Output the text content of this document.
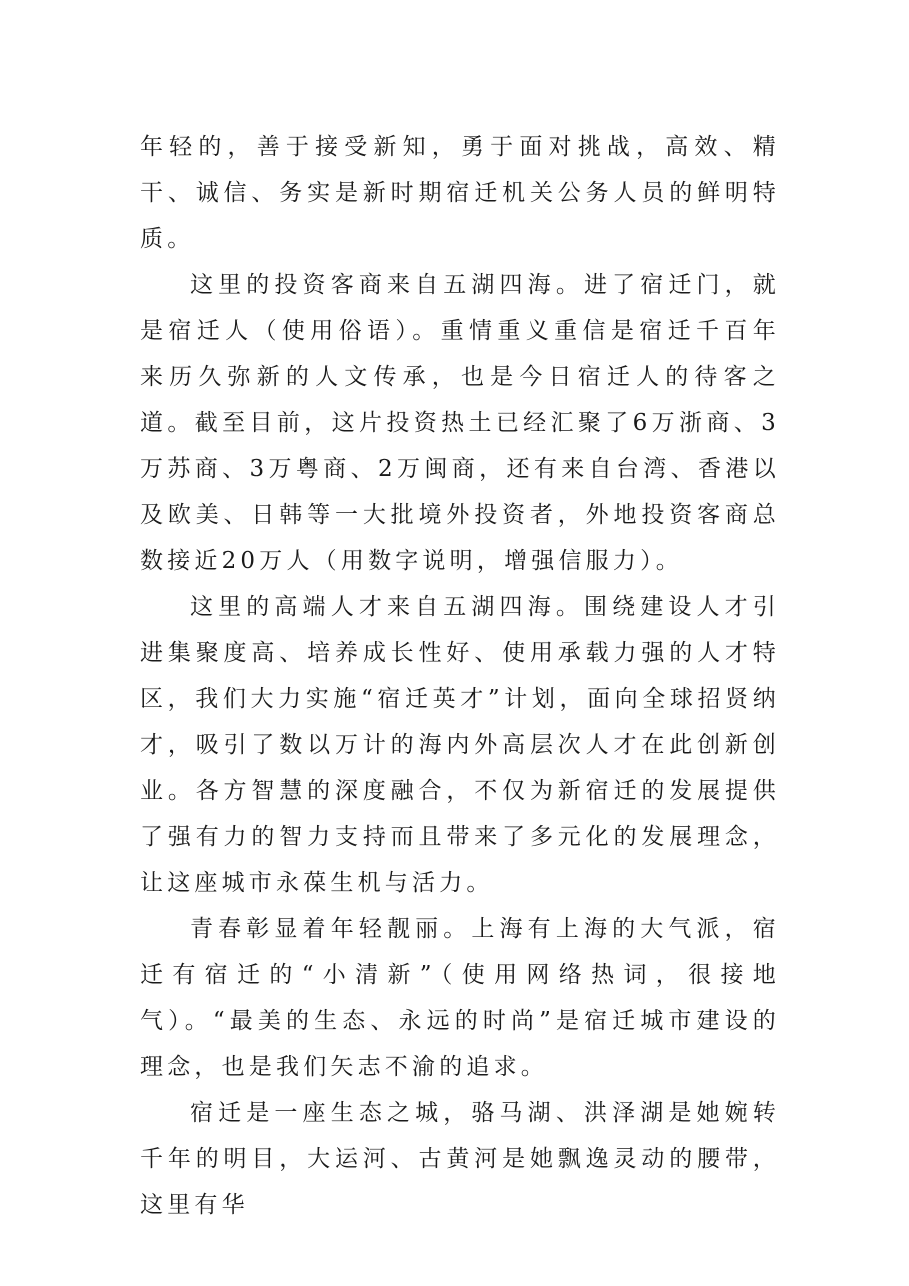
年轻的，善于接受新知，勇于面对挑战，高效、精干、诚信、务实是新时期宿迁机关公务人员的鲜明特质。

这里的投资客商来自五湖四海。进了宿迁门，就是宿迁人（使用俗语）。重情重义重信是宿迁千百年来历久弥新的人文传承，也是今日宿迁人的待客之道。截至目前，这片投资热土已经汇聚了6万浙商、3万苏商、3万粤商、2万闽商，还有来自台湾、香港以及欧美、日韩等一大批境外投资者，外地投资客商总数接近20万人（用数字说明，增强信服力）。

这里的高端人才来自五湖四海。围绕建设人才引进集聚度高、培养成长性好、使用承载力强的人才特区，我们大力实施“宿迁英才”计划，面向全球招贤纳才，吸引了数以万计的海内外高层次人才在此创新创业。各方智慧的深度融合，不仅为新宿迁的发展提供了强有力的智力支持而且带来了多元化的发展理念，让这座城市永葆生机与活力。

青春彰显着年轻靓丽。上海有上海的大气派，宿迁有宿迁的“小清新”（使用网络热词，很接地气）。“最美的生态、永远的时尚”是宿迁城市建设的理念，也是我们矢志不渝的追求。

宿迁是一座生态之城，骆马湖、洪泽湖是她婉转千年的明目，大运河、古黄河是她飘逸灵动的腰带，这里有华
